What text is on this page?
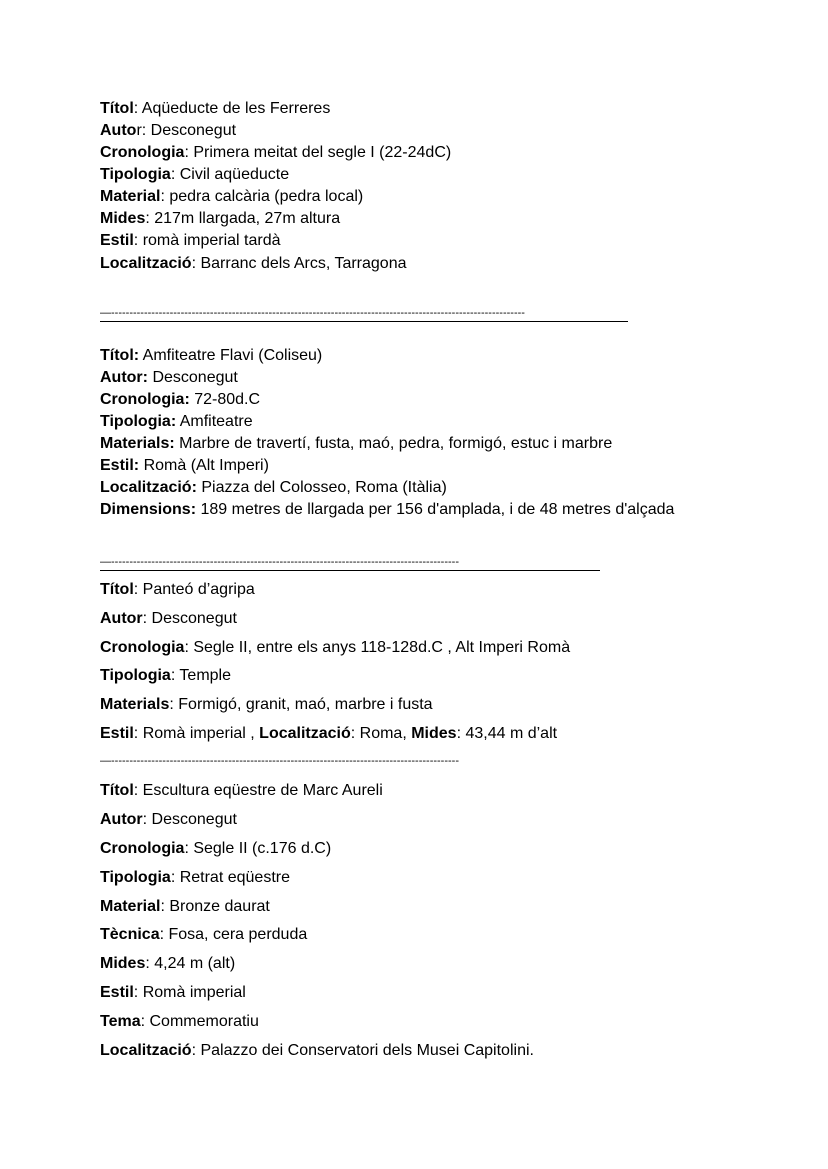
Títol: Aqüeducte de les Ferreres
Autor: Desconegut
Cronologia: Primera meitat del segle I (22-24dC)
Tipologia: Civil aqüeducte
Material: pedra calcària (pedra local)
Mides: 217m llargada, 27m altura
Estil: romà imperial tardà
Localització: Barranc dels Arcs, Tarragona
—-----------------------------------------------------------------------------------------------------------------
Títol: Amfiteatre Flavi (Coliseu)
Autor: Desconegut
Cronologia: 72-80d.C
Tipologia: Amfiteatre
Materials: Marbre de travertí, fusta, maó, pedra, formigó, estuc i marbre
Estil: Romà (Alt Imperi)
Localització: Piazza del Colosseo, Roma (Itàlia)
Dimensions: 189 metres de llargada per 156 d'amplada, i de 48 metres d'alçada
—-----------------------------------------------------------------------------------------------
Títol: Panteó d’agripa
Autor: Desconegut
Cronologia: Segle II, entre els anys 118-128d.C , Alt Imperi Romà
Tipologia: Temple
Materials: Formigó, granit, maó, marbre i fusta
Estil: Romà imperial , Localització: Roma, Mides: 43,44 m d’alt
—-----------------------------------------------------------------------------------------------
Títol: Escultura eqüestre de Marc Aureli
Autor: Desconegut
Cronologia: Segle II (c.176 d.C)
Tipologia: Retrat eqüestre
Material: Bronze daurat
Tècnica: Fosa, cera perduda
Mides: 4,24 m (alt)
Estil: Romà imperial
Tema: Commemoratiu
Localització: Palazzo dei Conservatori dels Musei Capitolini.
